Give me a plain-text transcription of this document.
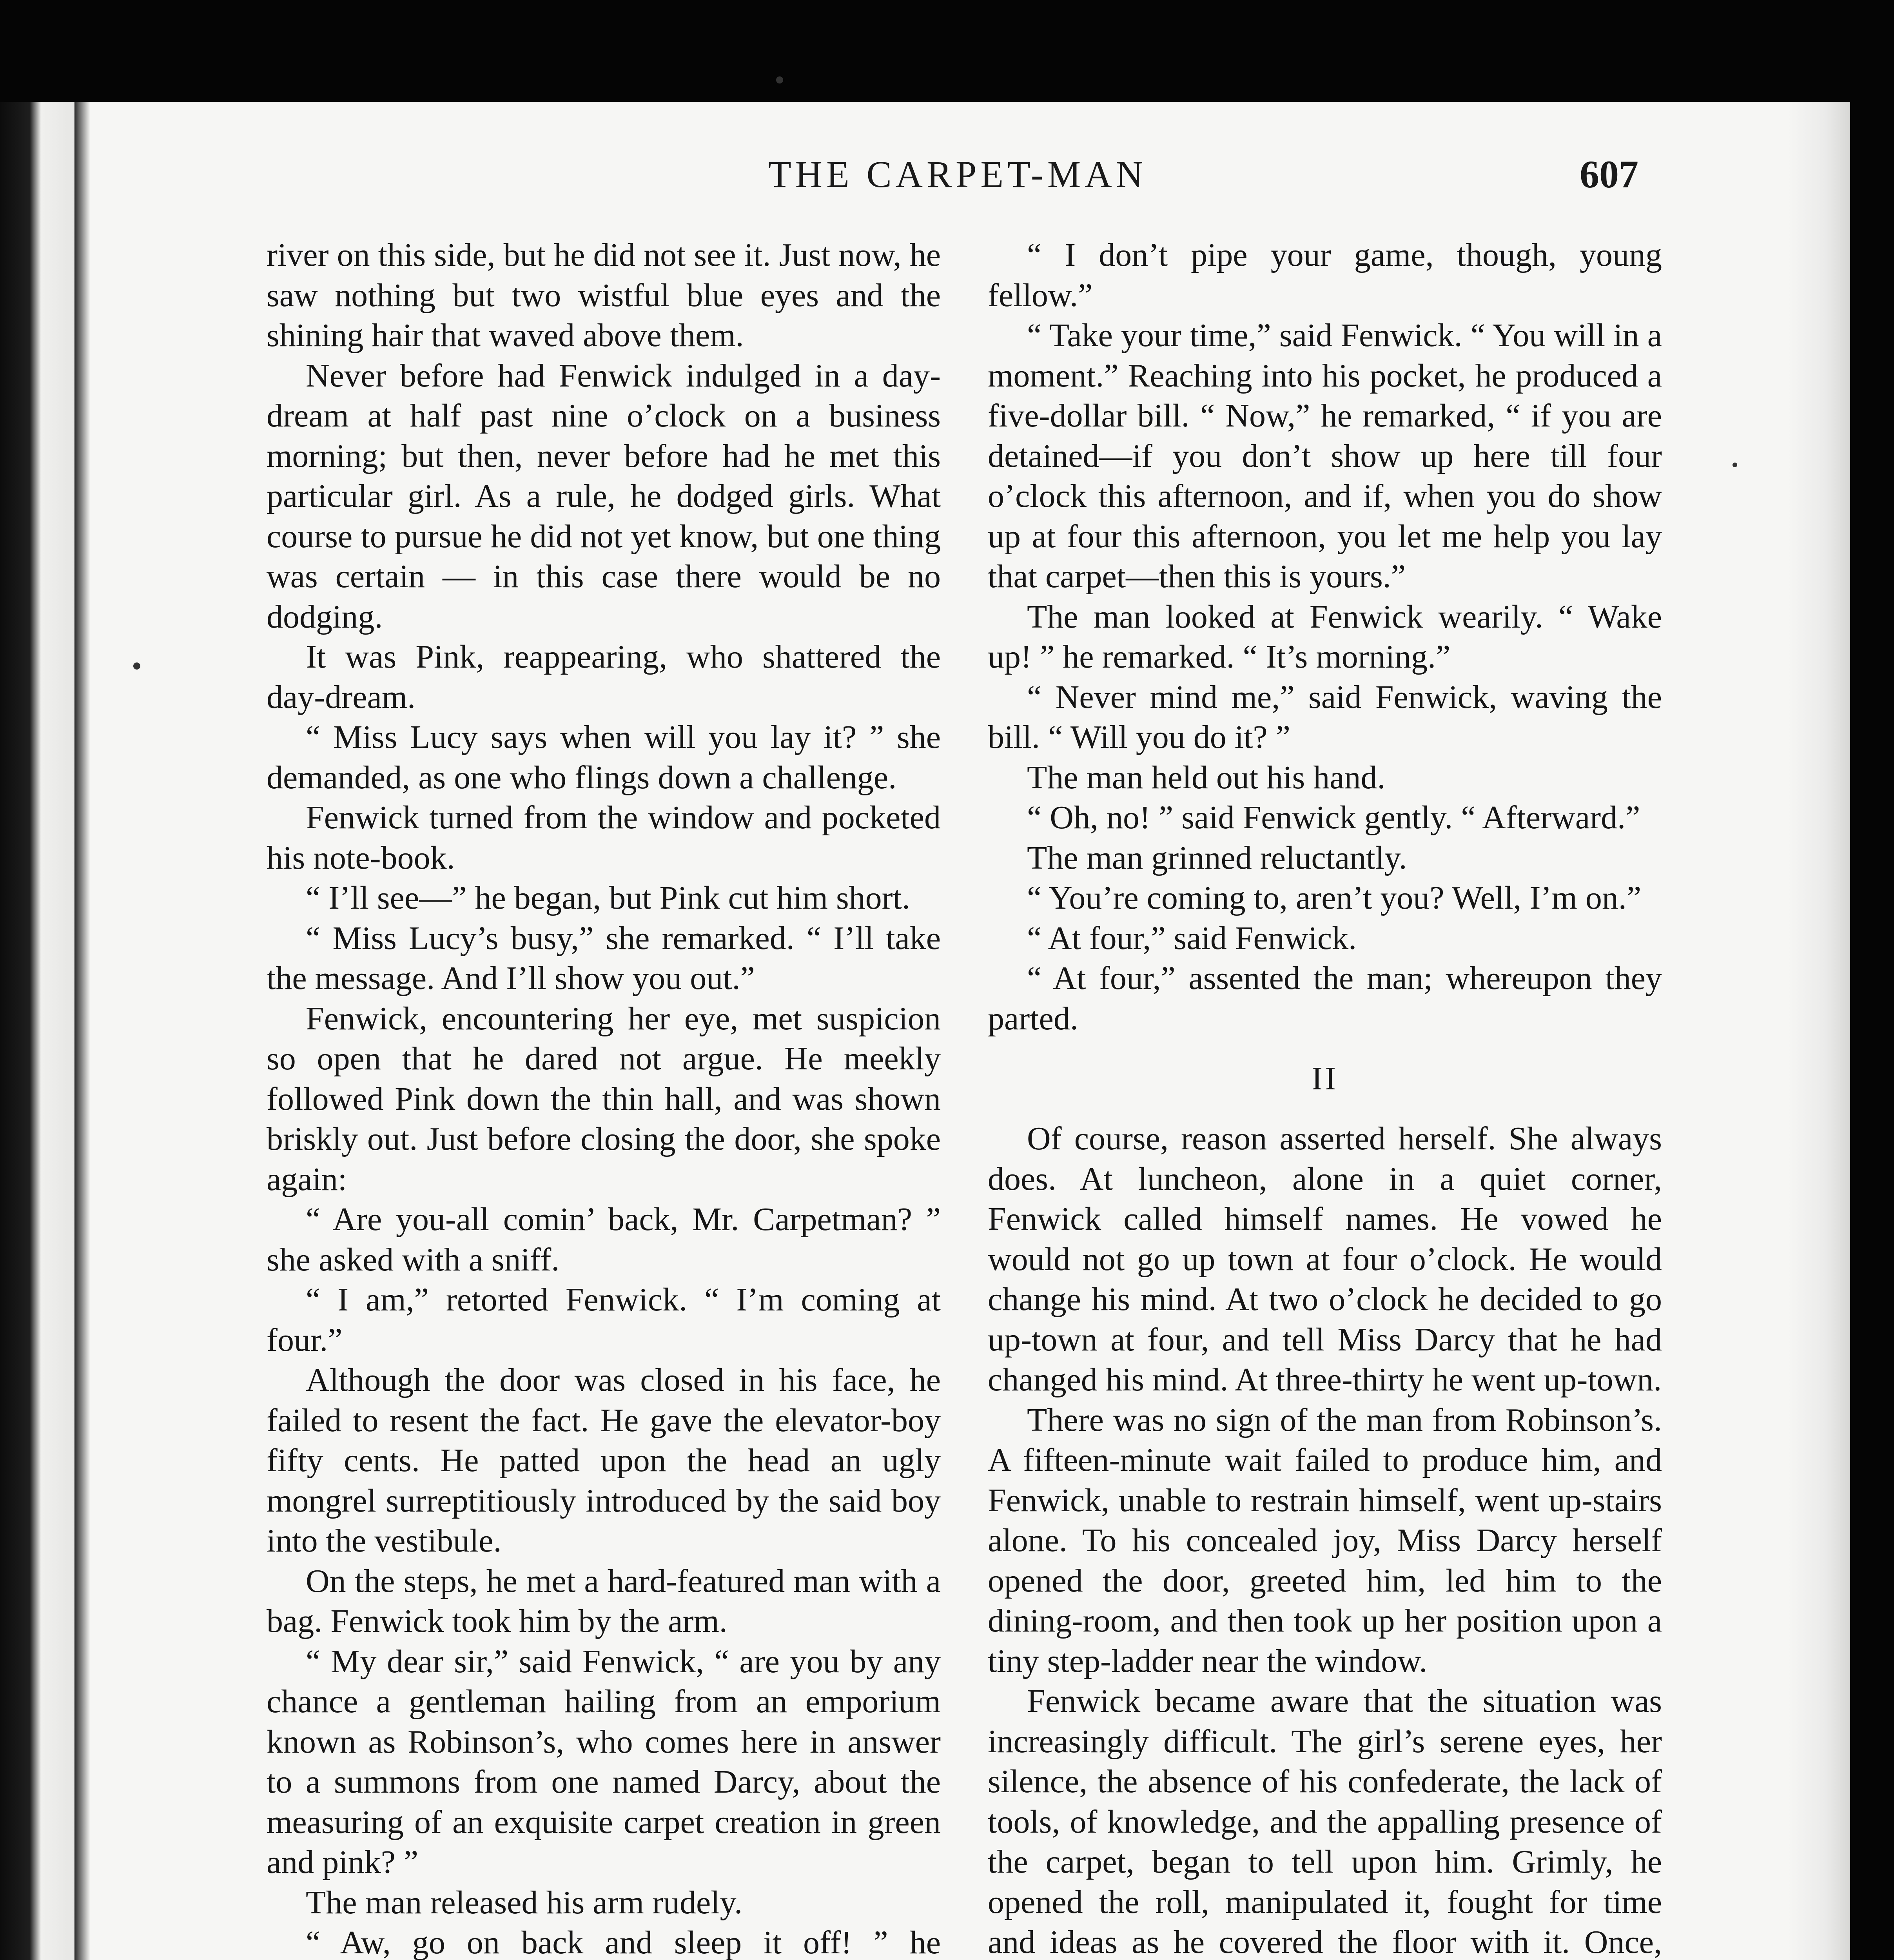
THE CARPET-MAN	607

river on this side, but he did not see it. Just now, he saw nothing but two wistful blue eyes and the shining hair that waved above them.

Never before had Fenwick indulged in a day-dream at half past nine o’clock on a business morning; but then, never before had he met this particular girl. As a rule, he dodged girls. What course to pursue he did not yet know, but one thing was certain — in this case there would be no dodging.

It was Pink, reappearing, who shattered the day-dream.

“ Miss Lucy says when will you lay it? ” she demanded, as one who flings down a challenge.

Fenwick turned from the window and pocketed his note-book.

“ I’ll see—” he began, but Pink cut him short.

“ Miss Lucy’s busy,” she remarked. “ I’ll take the message. And I’ll show you out.”

Fenwick, encountering her eye, met suspicion so open that he dared not argue. He meekly followed Pink down the thin hall, and was shown briskly out. Just before closing the door, she spoke again:

“ Are you-all comin’ back, Mr. Carpetman? ” she asked with a sniff.

“ I am,” retorted Fenwick. “ I’m coming at four.”

Although the door was closed in his face, he failed to resent the fact. He gave the elevator-boy fifty cents. He patted upon the head an ugly mongrel surreptitiously introduced by the said boy into the vestibule.

On the steps, he met a hard-featured man with a bag. Fenwick took him by the arm.

“ My dear sir,” said Fenwick, “ are you by any chance a gentleman hailing from an emporium known as Robinson’s, who comes here in answer to a summons from one named Darcy, about the measuring of an exquisite carpet creation in green and pink? ”

The man released his arm rudely.

“ Aw, go on back and sleep it off! ” he

“ I don’t pipe your game, though, young fellow.”

“ Take your time,” said Fenwick. “ You will in a moment.” Reaching into his pocket, he produced a five-dollar bill. “ Now,” he remarked, “ if you are detained—if you don’t show up here till four o’clock this afternoon, and if, when you do show up at four this afternoon, you let me help you lay that carpet—then this is yours.”

The man looked at Fenwick wearily. “ Wake up! ” he remarked. “ It’s morning.”

“ Never mind me,” said Fenwick, waving the bill. “ Will you do it? ”

The man held out his hand.

“ Oh, no! ” said Fenwick gently. “ Afterward.”

The man grinned reluctantly.

“ You’re coming to, aren’t you? Well, I’m on.”

“ At four,” said Fenwick.

“ At four,” assented the man; whereupon they parted.

II

Of course, reason asserted herself. She always does. At luncheon, alone in a quiet corner, Fenwick called himself names. He vowed he would not go up town at four o’clock. He would change his mind. At two o’clock he decided to go up-town at four, and tell Miss Darcy that he had changed his mind. At three-thirty he went up-town.

There was no sign of the man from Robinson’s. A fifteen-minute wait failed to produce him, and Fenwick, unable to restrain himself, went up-stairs alone. To his concealed joy, Miss Darcy herself opened the door, greeted him, led him to the dining-room, and then took up her position upon a tiny step-ladder near the window.

Fenwick became aware that the situation was increasingly difficult. The girl’s serene eyes, her silence, the absence of his confederate, the lack of tools, of knowledge, and the appalling presence of the carpet, began to tell upon him. Grimly, he opened the roll, manipulated it, fought for time and ideas as he covered the floor with it. Once,
